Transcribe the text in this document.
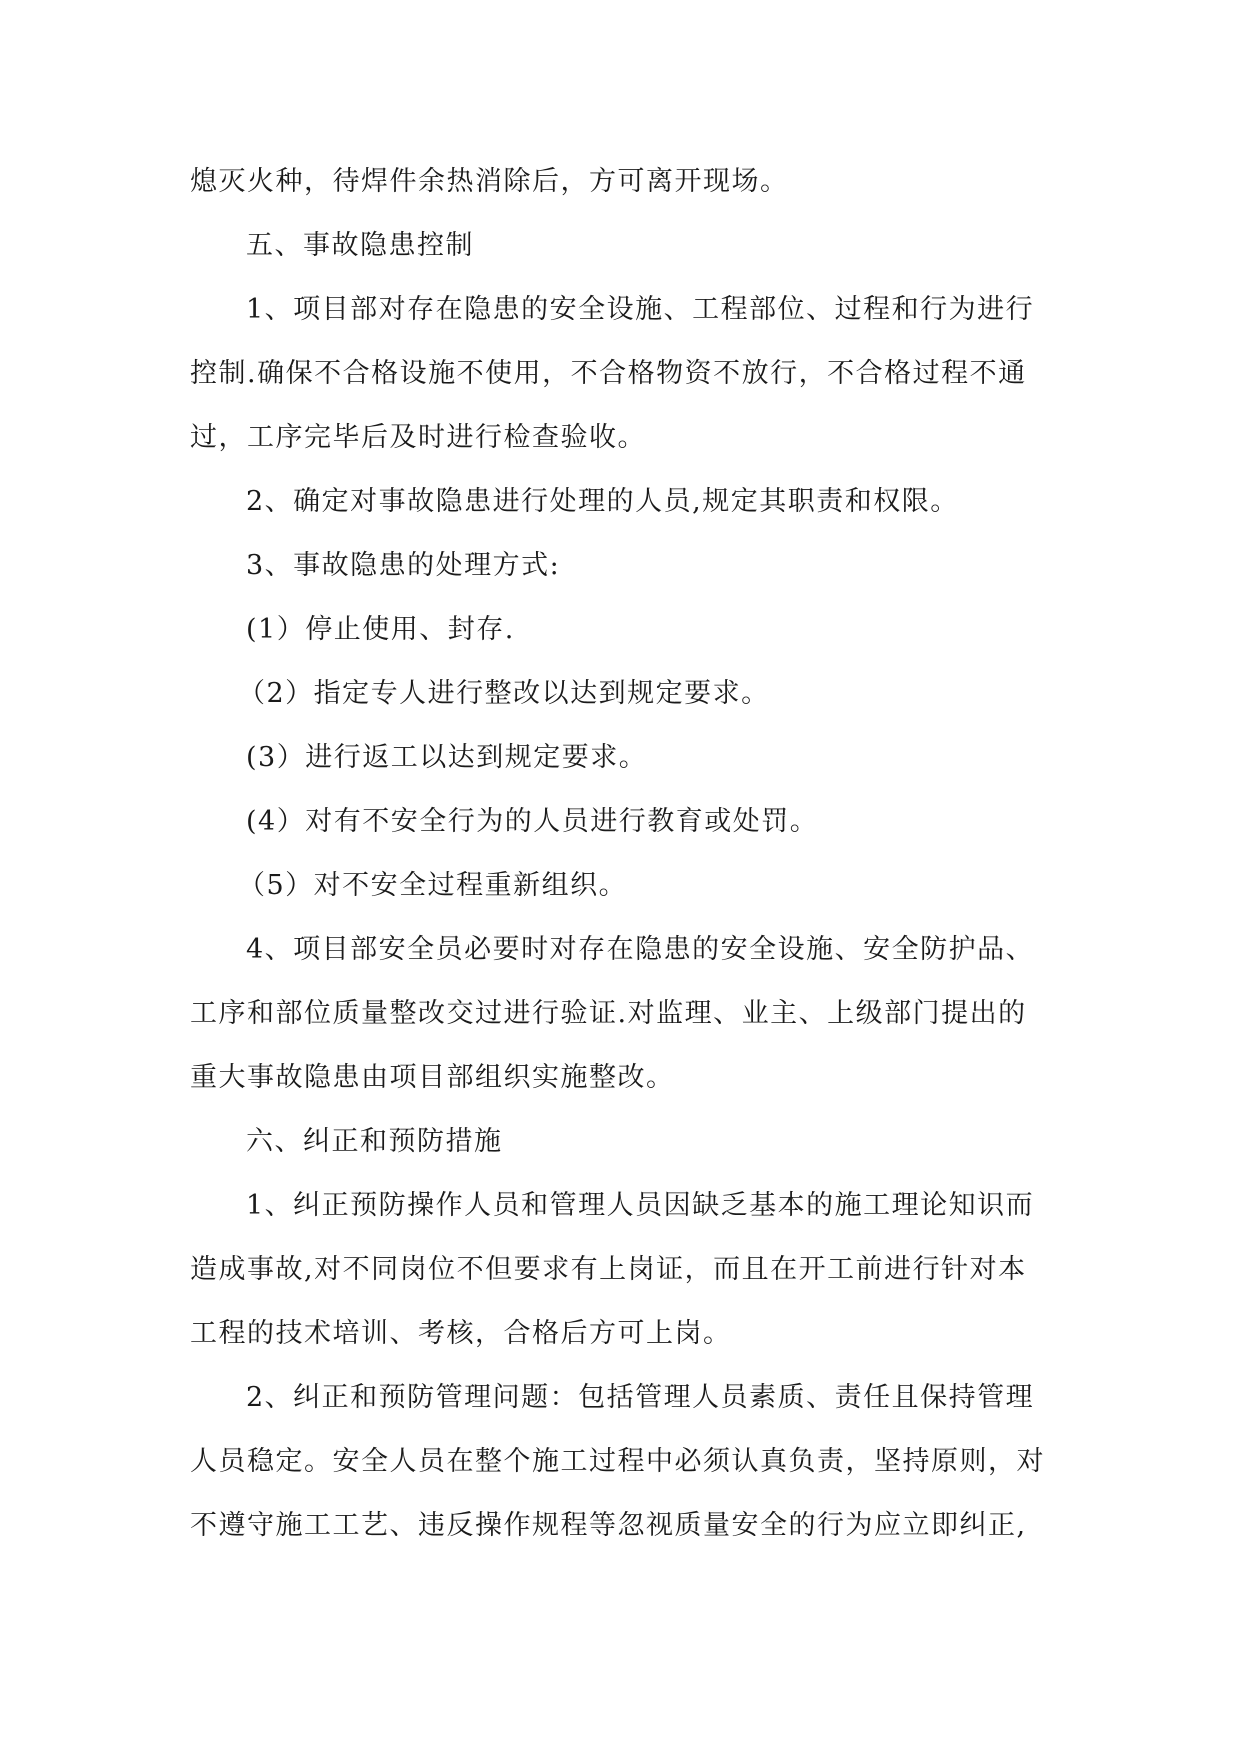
熄灭火种，待焊件余热消除后，方可离开现场。
五、事故隐患控制
1、项目部对存在隐患的安全设施、工程部位、过程和行为进行
控制.确保不合格设施不使用，不合格物资不放行，不合格过程不通
过，工序完毕后及时进行检查验收。
2、确定对事故隐患进行处理的人员,规定其职责和权限。
3、事故隐患的处理方式:
(1）停止使用、封存.
（2）指定专人进行整改以达到规定要求。
(3）进行返工以达到规定要求。
(4）对有不安全行为的人员进行教育或处罚。
（5）对不安全过程重新组织。
4、项目部安全员必要时对存在隐患的安全设施、安全防护品、
工序和部位质量整改交过进行验证.对监理、业主、上级部门提出的
重大事故隐患由项目部组织实施整改。
六、纠正和预防措施
1、纠正预防操作人员和管理人员因缺乏基本的施工理论知识而
造成事故,对不同岗位不但要求有上岗证，而且在开工前进行针对本
工程的技术培训、考核，合格后方可上岗。
2、纠正和预防管理问题：包括管理人员素质、责任且保持管理
人员稳定。安全人员在整个施工过程中必须认真负责，坚持原则，对
不遵守施工工艺、违反操作规程等忽视质量安全的行为应立即纠正,
